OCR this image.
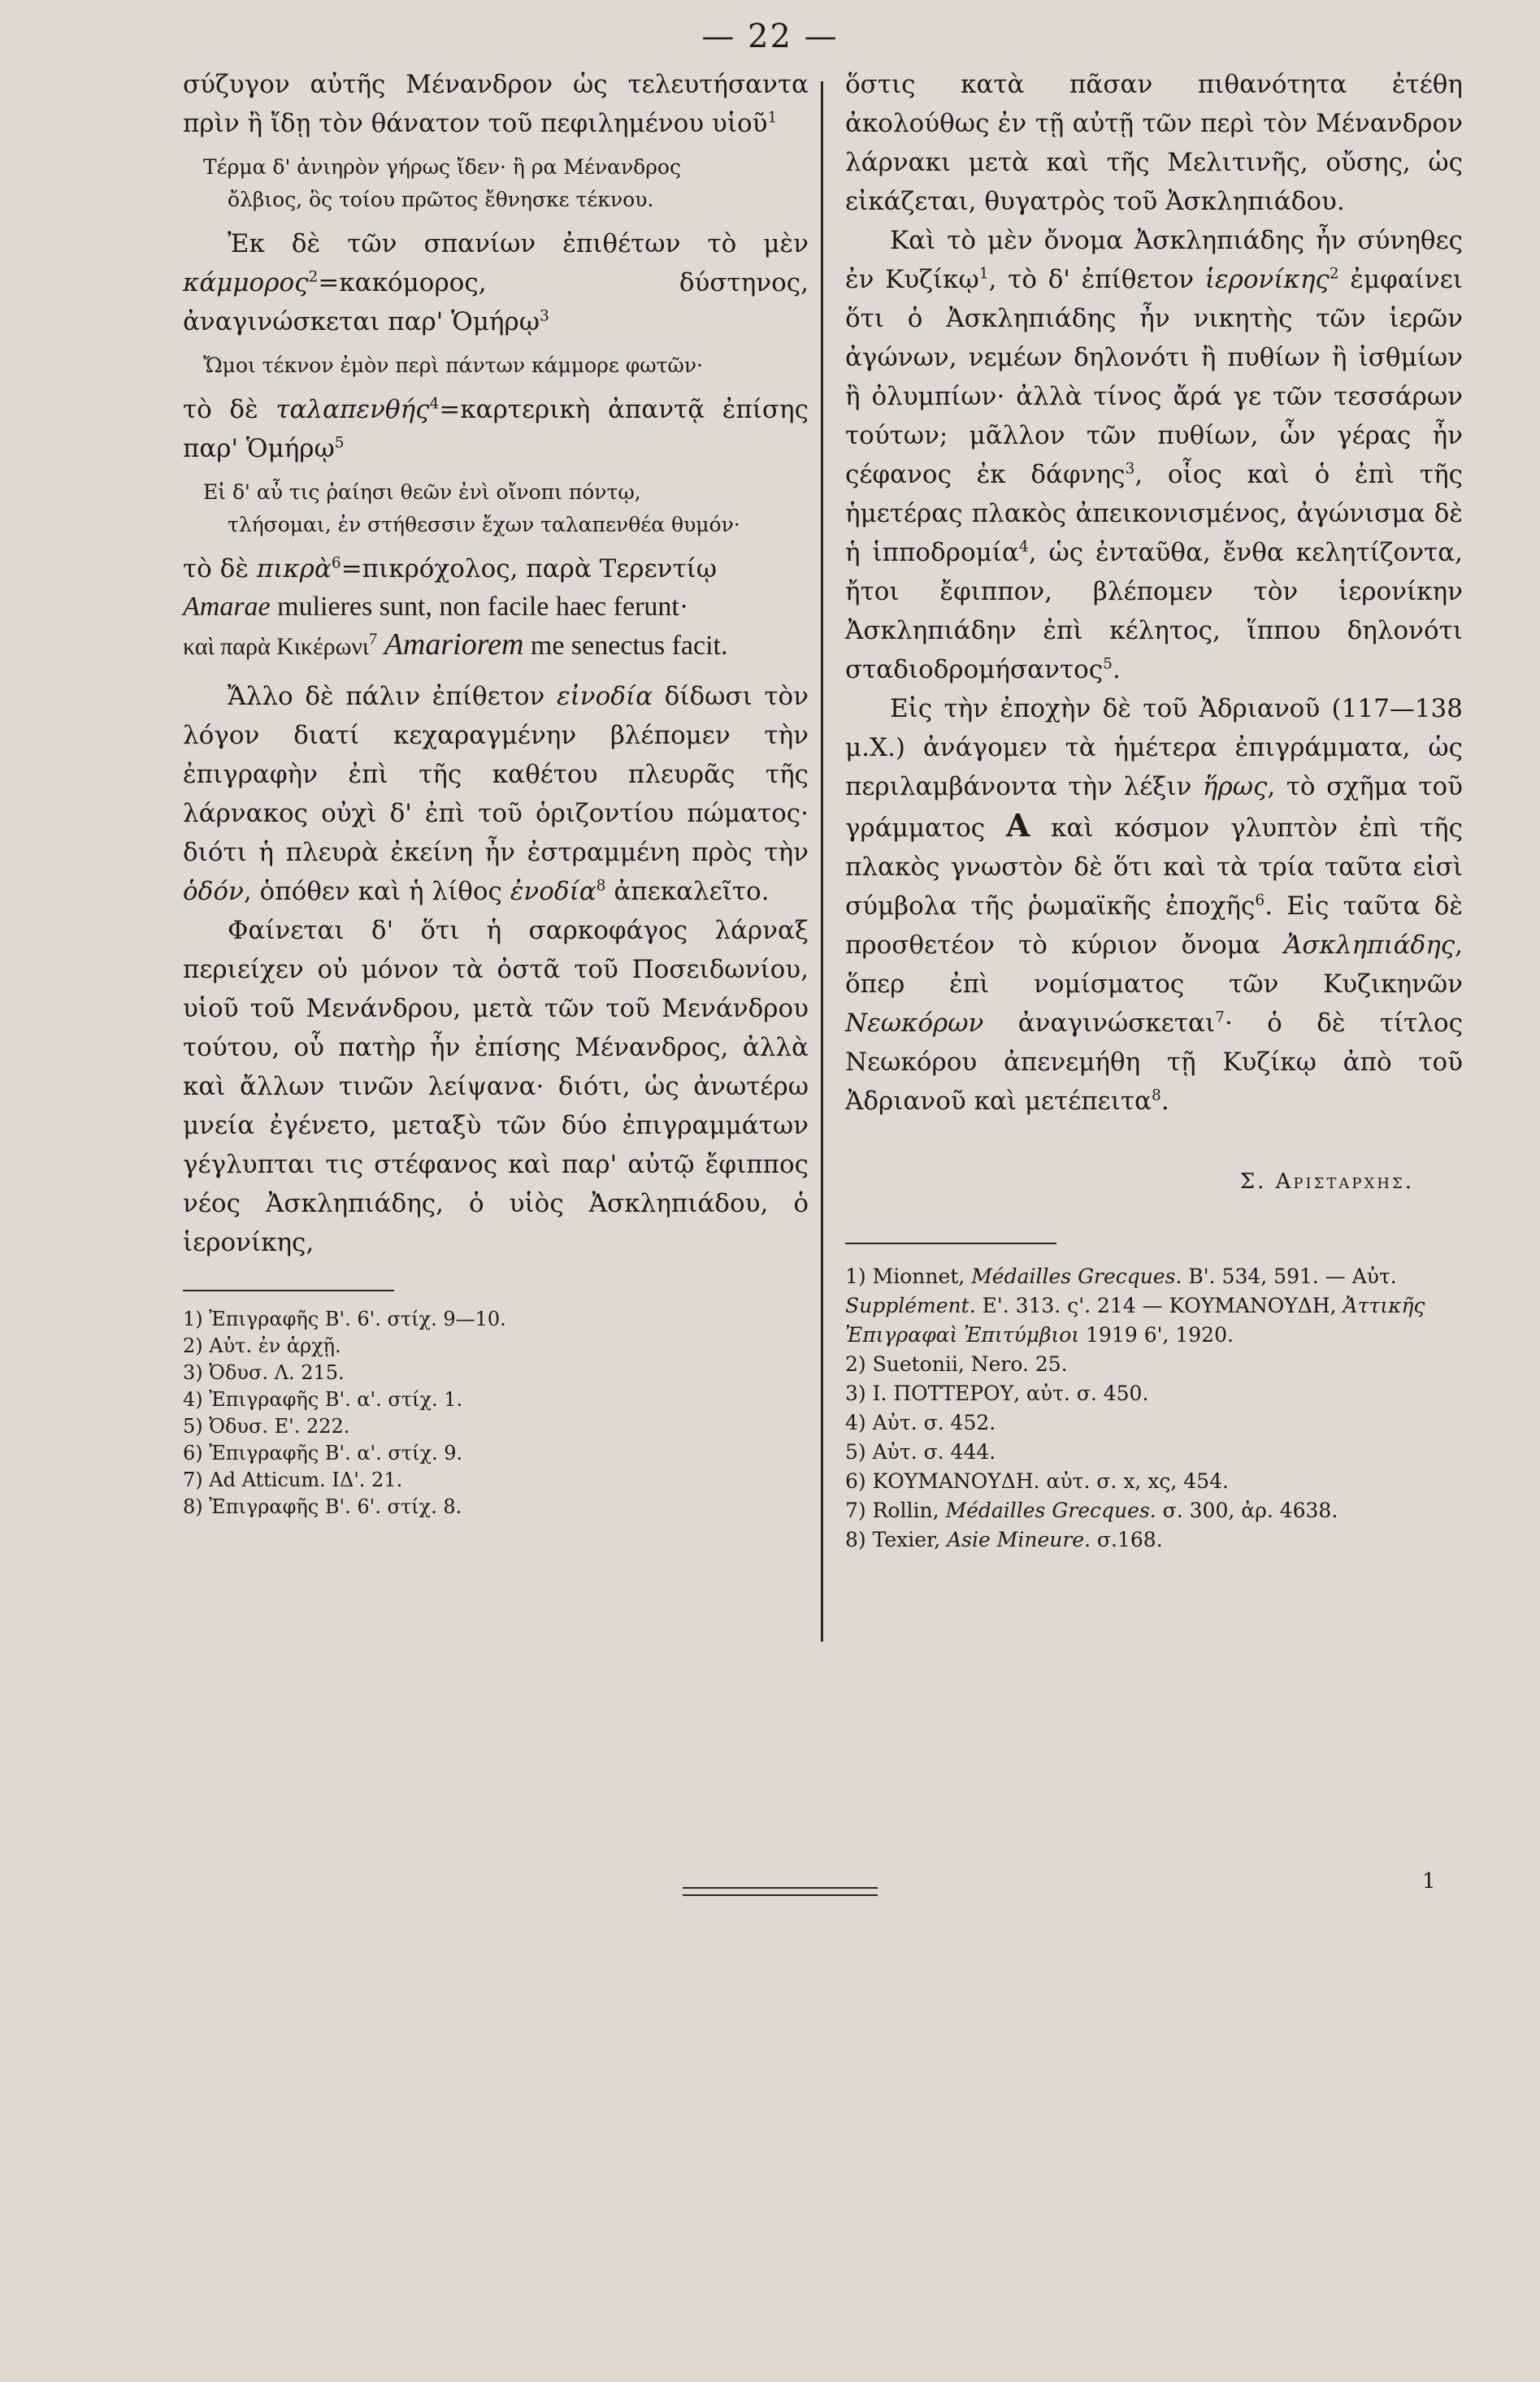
— 22 —

σύζυγον αὐτῆς Μένανδρον ὡς τελευτήσαντα πρὶν ἢ ἴδῃ τὸν θάνατον τοῦ πεφιλημένου υἱοῦ$^1$

Τέρμα δ' ἀνιηρὸν γήρως ἴδεν· ἢ ρα Μένανδρος
ὄλβιος, ὃς τοίου πρῶτος ἔθνησκε τέκνου.

Ἐκ δὲ τῶν σπανίων ἐπιθέτων τὸ μὲν κάμμορος$^2$=κακόμορος, δύστηνος, ἀναγινώσκεται παρ' Ὁμήρῳ$^3$

Ὤμοι τέκνον ἐμὸν περὶ πάντων κάμμορε φωτῶν·

τὸ δὲ ταλαπενθής$^4$=καρτερικὴ ἀπαντᾷ ἐπίσης παρ' Ὁμήρῳ$^5$

Εἰ δ' αὖ τις ῥαίησι θεῶν ἐνὶ οἴνοπι πόντῳ,
τλήσομαι, ἐν στήθεσσιν ἔχων ταλαπενθέα θυμόν·

τὸ δὲ πικρὰ$^6$=πικρόχολος, παρὰ Τερεντίῳ

Amarae mulieres sunt, non facile haec ferunt·

καὶ παρὰ Κικέρωνι$^7$ Amariorem me senectus facit.

Ἄλλο δὲ πάλιν ἐπίθετον εἰνοδία δίδωσι τὸν λόγον διατί κεχαραγμένην βλέπομεν τὴν ἐπιγραφὴν ἐπὶ τῆς καθέτου πλευρᾶς τῆς λάρνακος οὐχὶ δ' ἐπὶ τοῦ ὁριζοντίου πώματος· διότι ἡ πλευρὰ ἐκείνη ἦν ἐστραμμένη πρὸς τὴν ὁδόν, ὁπόθεν καὶ ἡ λίθος ἐνοδία$^8$ ἀπεκαλεῖτο.

Φαίνεται δ' ὅτι ἡ σαρκοφάγος λάρναξ περιείχεν οὐ μόνον τὰ ὀστᾶ τοῦ Ποσειδωνίου, υἱοῦ τοῦ Μενάνδρου, μετὰ τῶν τοῦ Μενάνδρου τούτου, οὗ πατὴρ ἦν ἐπίσης Μένανδρος, ἀλλὰ καὶ ἄλλων τινῶν λείψανα· διότι, ὡς ἀνωτέρω μνεία ἐγένετο, μεταξὺ τῶν δύο ἐπιγραμμάτων γέγλυπται τις στέφανος καὶ παρ' αὐτῷ ἔφιππος νέος Ἀσκληπιάδης, ὁ υἱὸς Ἀσκληπιάδου, ὁ ἱερονίκης,

1) Ἐπιγραφῆς Β'. 6'. στίχ. 9—10.

2) Αὐτ. ἐν ἀρχῇ.

3) Ὀδυσ. Λ. 215.

4) Ἐπιγραφῆς Β'. α'. στίχ. 1.

5) Ὀδυσ. Ε'. 222.

6) Ἐπιγραφῆς Β'. α'. στίχ. 9.

7) Ad Atticum. ΙΔ'. 21.

8) Ἐπιγραφῆς Β'. 6'. στίχ. 8.

ὅστις κατὰ πᾶσαν πιθανότητα ἐτέθη ἀκολούθως ἐν τῇ αὐτῇ τῶν περὶ τὸν Μένανδρον λάρνακι μετὰ καὶ τῆς Μελιτινῆς, οὔσης, ὡς εἰκάζεται, θυγατρὸς τοῦ Ἀσκληπιάδου.

Καὶ τὸ μὲν ὄνομα Ἀσκληπιάδης ἦν σύνηθες ἐν Κυζίκῳ$^1$, τὸ δ' ἐπίθετον ἱερονίκης$^2$ ἐμφαίνει ὅτι ὁ Ἀσκληπιάδης ἦν νικητὴς τῶν ἱερῶν ἀγώνων, νεμέων δηλονότι ἢ πυθίων ἢ ἰσθμίων ἢ ὀλυμπίων· ἀλλὰ τίνος ἄρά γε τῶν τεσσάρων τούτων; μᾶλλον τῶν πυθίων, ὧν γέρας ἦν ςέφανος ἐκ δάφνης$^3$, οἷος καὶ ὁ ἐπὶ τῆς ἡμετέρας πλακὸς ἀπεικονισμένος, ἀγώνισμα δὲ ἡ ἱπποδρομία$^4$, ὡς ἐνταῦθα, ἔνθα κελητίζοντα, ἤτοι ἔφιππον, βλέπομεν τὸν ἱερονίκην Ἀσκληπιάδην ἐπὶ κέλητος, ἵππου δηλονότι σταδιοδρομήσαντος$^5$.

Εἰς τὴν ἐποχὴν δὲ τοῦ Ἀδριανοῦ (117—138 μ.Χ.) ἀνάγομεν τὰ ἡμέτερα ἐπιγράμματα, ὡς περιλαμβάνοντα τὴν λέξιν ἥρως, τὸ σχῆμα τοῦ γράμματος Α καὶ κόσμον γλυπτὸν ἐπὶ τῆς πλακὸς γνωστὸν δὲ ὅτι καὶ τὰ τρία ταῦτα εἰσὶ σύμβολα τῆς ῥωμαϊκῆς ἐποχῆς$^6$. Εἰς ταῦτα δὲ προσθετέον τὸ κύριον ὄνομα Ἀσκληπιάδης, ὅπερ ἐπὶ νομίσματος τῶν Κυζικηνῶν Νεωκόρων ἀναγινώσκεται$^7$· ὁ δὲ τίτλος Νεωκόρου ἀπενεμήθη τῇ Κυζίκῳ ἀπὸ τοῦ Ἀδριανοῦ καὶ μετέπειτα$^8$.

Σ. Αριςταρχης.

1) Mionnet, Médailles Grecques. Β'. 534, 591. — Αὐτ. Supplément. Ε'. 313. ς'. 214 — ΚΟΥΜΑΝΟΥΔΗ, Ἀττικῆς Ἐπιγραφαὶ Ἐπιτύμβιοι 1919 6', 1920.

2) Suetonii, Nero. 25.

3) Ι. ΠΟΤΤΕΡΟΥ, αὐτ. σ. 450.

4) Αὐτ. σ. 452.

5) Αὐτ. σ. 444.

6) ΚΟΥΜΑΝΟΥΔΗ. αὐτ. σ. x, xς, 454.

7) Rollin, Médailles Grecques. σ. 300, ἀρ. 4638.

8) Texier, Asie Mineure. σ.168.

1
